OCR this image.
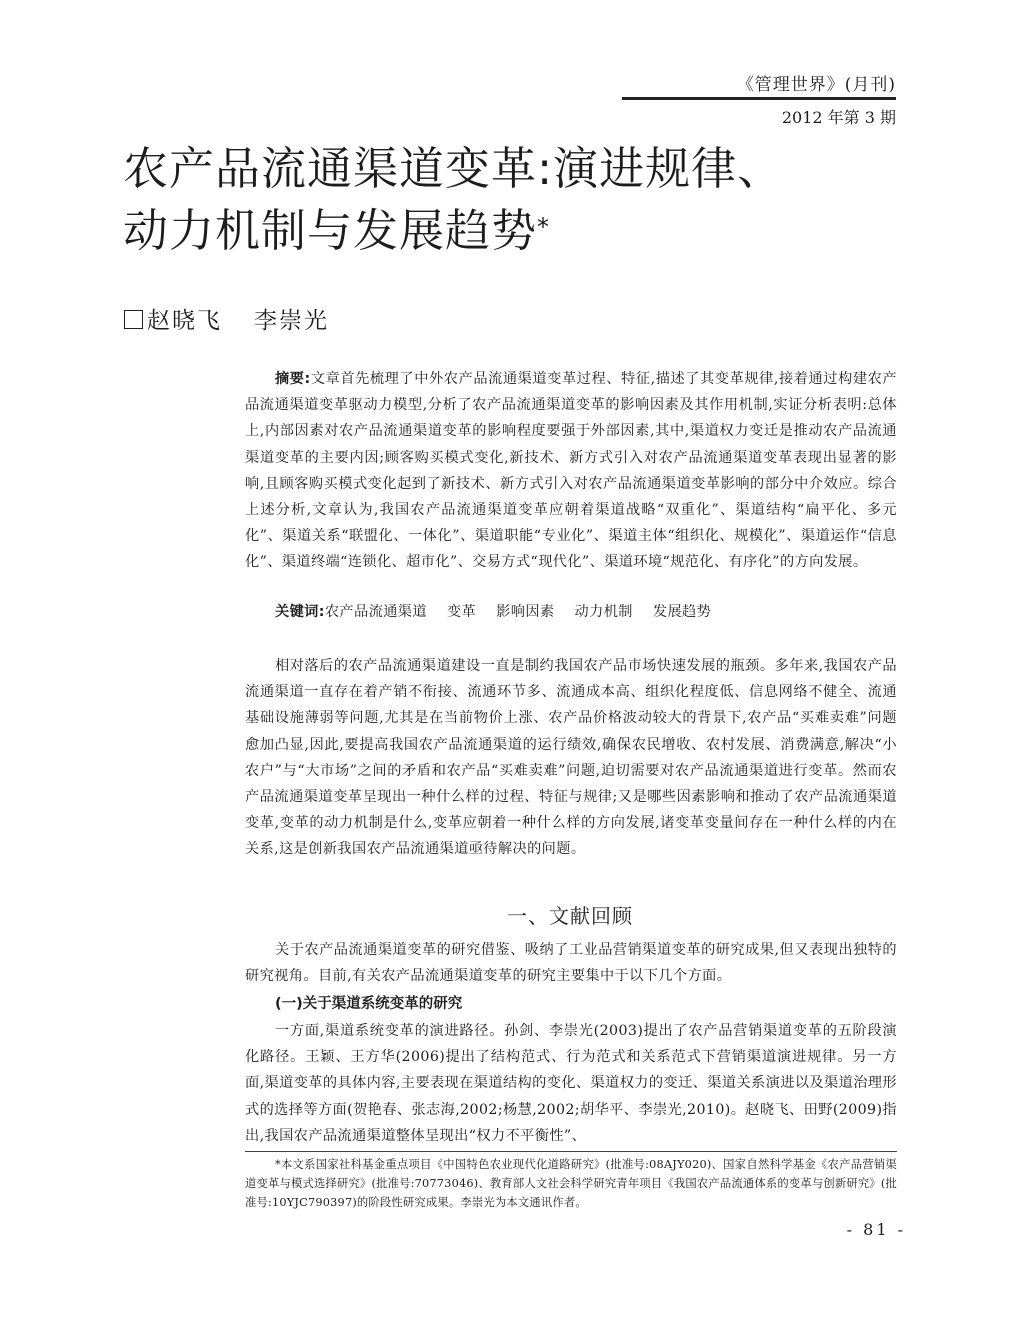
《管理世界》(月刊)
2012 年第 3 期
农产品流通渠道变革:演进规律、
动力机制与发展趋势*
赵晓飞 李崇光
摘要:文章首先梳理了中外农产品流通渠道变革过程、特征,描述了其变革规律,接着通过构建农产品流通渠道变革驱动力模型,分析了农产品流通渠道变革的影响因素及其作用机制,实证分析表明:总体上,内部因素对农产品流通渠道变革的影响程度要强于外部因素,其中,渠道权力变迁是推动农产品流通渠道变革的主要内因;顾客购买模式变化,新技术、新方式引入对农产品流通渠道变革表现出显著的影响,且顾客购买模式变化起到了新技术、新方式引入对农产品流通渠道变革影响的部分中介效应。综合上述分析,文章认为,我国农产品流通渠道变革应朝着渠道战略“双重化”、渠道结构“扁平化、多元化”、渠道关系“联盟化、一体化”、渠道职能“专业化”、渠道主体“组织化、规模化”、渠道运作“信息化”、渠道终端“连锁化、超市化”、交易方式“现代化”、渠道环境“规范化、有序化”的方向发展。
关键词:农产品流通渠道 变革 影响因素 动力机制 发展趋势
相对落后的农产品流通渠道建设一直是制约我国农产品市场快速发展的瓶颈。多年来,我国农产品流通渠道一直存在着产销不衔接、流通环节多、流通成本高、组织化程度低、信息网络不健全、流通基础设施薄弱等问题,尤其是在当前物价上涨、农产品价格波动较大的背景下,农产品“买难卖难”问题愈加凸显,因此,要提高我国农产品流通渠道的运行绩效,确保农民增收、农村发展、消费满意,解决“小农户”与“大市场”之间的矛盾和农产品“买难卖难”问题,迫切需要对农产品流通渠道进行变革。然而农产品流通渠道变革呈现出一种什么样的过程、特征与规律;又是哪些因素影响和推动了农产品流通渠道变革,变革的动力机制是什么,变革应朝着一种什么样的方向发展,诸变革变量间存在一种什么样的内在关系,这是创新我国农产品流通渠道亟待解决的问题。
一、文献回顾
关于农产品流通渠道变革的研究借鉴、吸纳了工业品营销渠道变革的研究成果,但又表现出独特的研究视角。目前,有关农产品流通渠道变革的研究主要集中于以下几个方面。
(一)关于渠道系统变革的研究
一方面,渠道系统变革的演进路径。孙剑、李崇光(2003)提出了农产品营销渠道变革的五阶段演化路径。王颖、王方华(2006)提出了结构范式、行为范式和关系范式下营销渠道演进规律。另一方面,渠道变革的具体内容,主要表现在渠道结构的变化、渠道权力的变迁、渠道关系演进以及渠道治理形式的选择等方面(贺艳春、张志海,2002;杨慧,2002;胡华平、李崇光,2010)。赵晓飞、田野(2009)指出,我国农产品流通渠道整体呈现出“权力不平衡性”、
*本文系国家社科基金重点项目《中国特色农业现代化道路研究》(批准号:08AJY020)、国家自然科学基金《农产品营销渠道变革与模式选择研究》(批准号:70773046)、教育部人文社会科学研究青年项目《我国农产品流通体系的变革与创新研究》(批准号:10YJC790397)的阶段性研究成果。李崇光为本文通讯作者。
- 81 -
